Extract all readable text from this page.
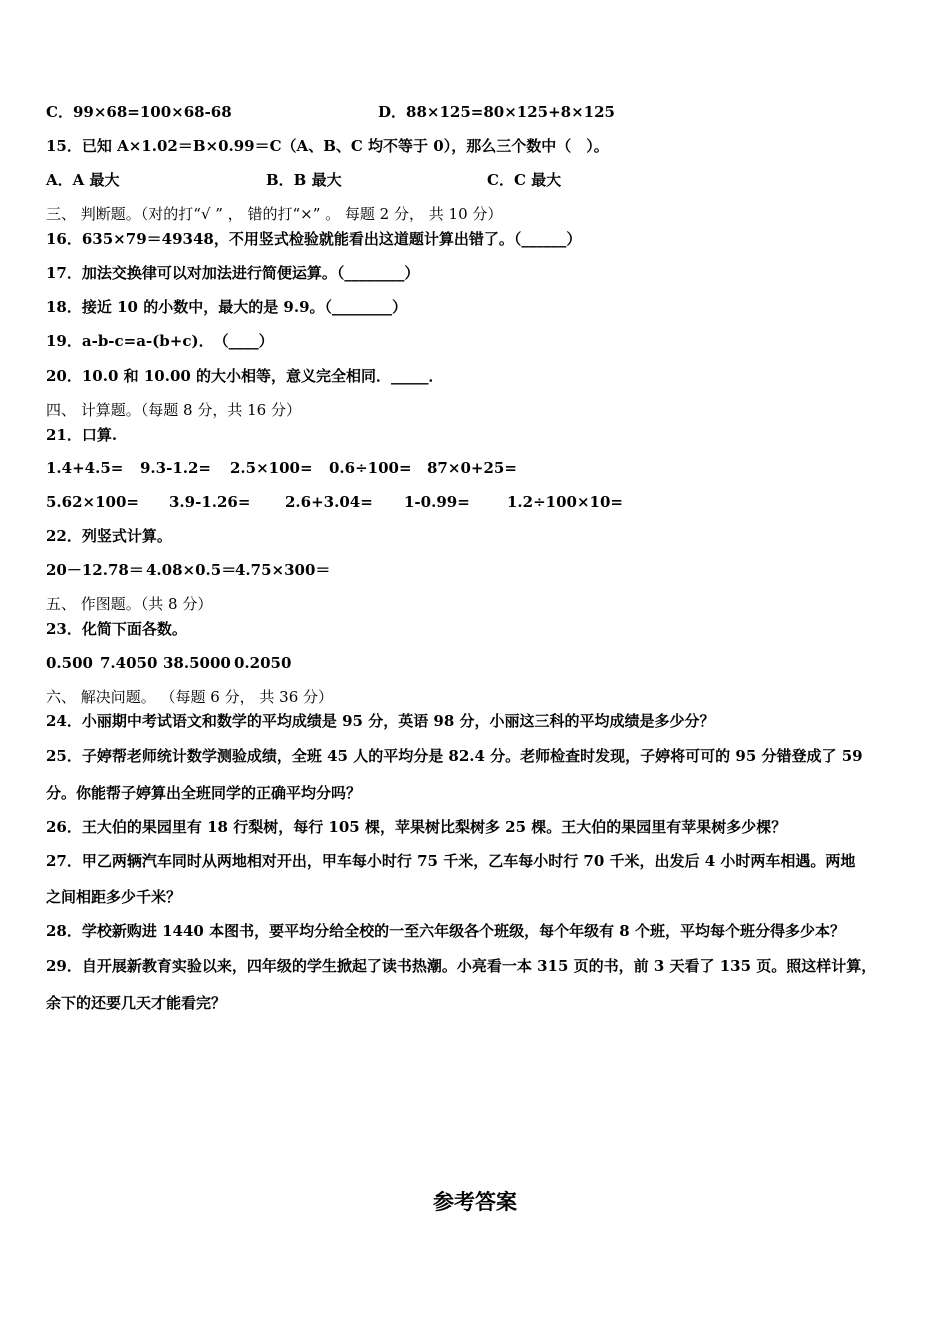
C．99×68=100×68-68	D．88×125=80×125+8×125
15．已知 A×1.02＝B×0.99＝C（A、B、C 均不等于 0），那么三个数中（　）。
A．A 最大	B．B 最大	C．C 最大
三、 判断题。（对的打“√ ” ， 错的打“×” 。 每题 2 分， 共 10 分）
16．635×79＝49348，不用竖式检验就能看出这道题计算出错了。（______）
17．加法交换律可以对加法进行简便运算。（________）
18．接近 10 的小数中，最大的是 9.9。（________）
19．a-b-c=a-(b+c)．　（____）
20．10.0 和 10.00 的大小相等，意义完全相同．_____．
四、 计算题。（每题 8 分，共 16 分）
21．口算.
1.4+4.5= 9.3-1.2= 2.5×100= 0.6÷100= 87×0+25=
5.62×100= 3.9-1.26= 2.6+3.04= 1-0.99= 1.2÷100×10=
22．列竖式计算。
20－12.78＝ 4.08×0.5＝
4.75×300＝
五、 作图题。（共 8 分）
23．化简下面各数。
0.500 7.4050 38.5000 0.2050
六、 解决问题。 （每题 6 分， 共 36 分）
24．小丽期中考试语文和数学的平均成绩是 95 分，英语 98 分，小丽这三科的平均成绩是多少分？
25．子婷帮老师统计数学测验成绩，全班 45 人的平均分是 82.4 分。老师检查时发现，子婷将可可的 95 分错登成了 59
分。你能帮子婷算出全班同学的正确平均分吗？
26．王大伯的果园里有 18 行梨树，每行 105 棵，苹果树比梨树多 25 棵。王大伯的果园里有苹果树多少棵？
27．甲乙两辆汽车同时从两地相对开出，甲车每小时行 75 千米，乙车每小时行 70 千米，出发后 4 小时两车相遇。两地
之间相距多少千米？
28．学校新购进 1440 本图书，要平均分给全校的一至六年级各个班级，每个年级有 8 个班，平均每个班分得多少本？
29．自开展新教育实验以来，四年级的学生掀起了读书热潮。小亮看一本 315 页的书，前 3 天看了 135 页。照这样计算，
余下的还要几天才能看完？
参考答案
